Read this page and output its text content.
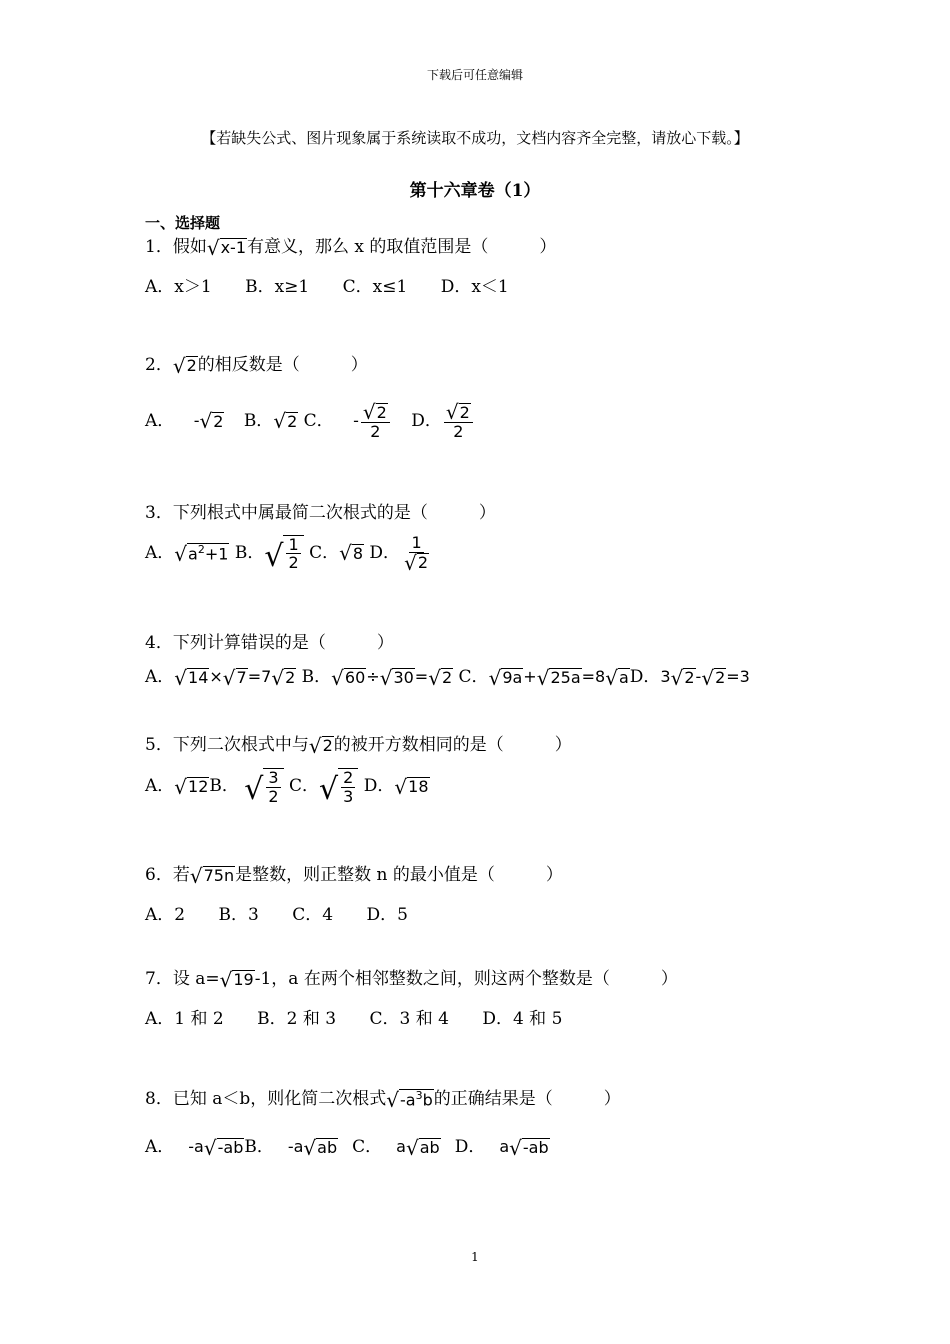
下载后可任意编辑
【若缺失公式、图片现象属于系统读取不成功，文档内容齐全完整，请放心下载。】
第十六章卷（1）
一、选择题
1．假如 √ x-1 有意义，那么 x 的取值范围是（　　　）
A．x＞1 B．x≥1 C．x≤1 D．x＜1
2． √ 2 的相反数是（　　　）
A． - √ 2 B． √ 2 C． - $\frac{√ 2}{2}$ D． $\frac{√ 2}{2}$
3．下列根式中属最简二次根式的是（　　　）
A． √ $a^2+1$ B． √ $\frac{1}{2}$ C． √ 8 D． $\frac{1}{√ 2}$
4．下列计算错误的是（　　　）
A． √ 14 × √ 7 =7 √ 2 B． √ 60 ÷ √ 30 = √ 2 C． √ 9a + √ 25a =8 √ a D．3 √ 2 - √ 2 =3
5．下列二次根式中与 √ 2 的被开方数相同的是（　　　）
A． √ 12 B． √ $\frac{3}{2}$ C． √ $\frac{2}{3}$ D． √ 18
6．若 √ 75n 是整数，则正整数 n 的最小值是（　　　）
A．2 B．3 C．4 D．5
7．设 a= √ 19 -1，a 在两个相邻整数之间，则这两个整数是（　　　）
A．1 和 2 B．2 和 3 C．3 和 4 D．4 和 5
8．已知 a＜b，则化简二次根式 √ $-a^3b$ 的正确结果是（　　　）
A． -a √ -ab B． -a √ ab C． a √ ab D． a √ -ab
1
